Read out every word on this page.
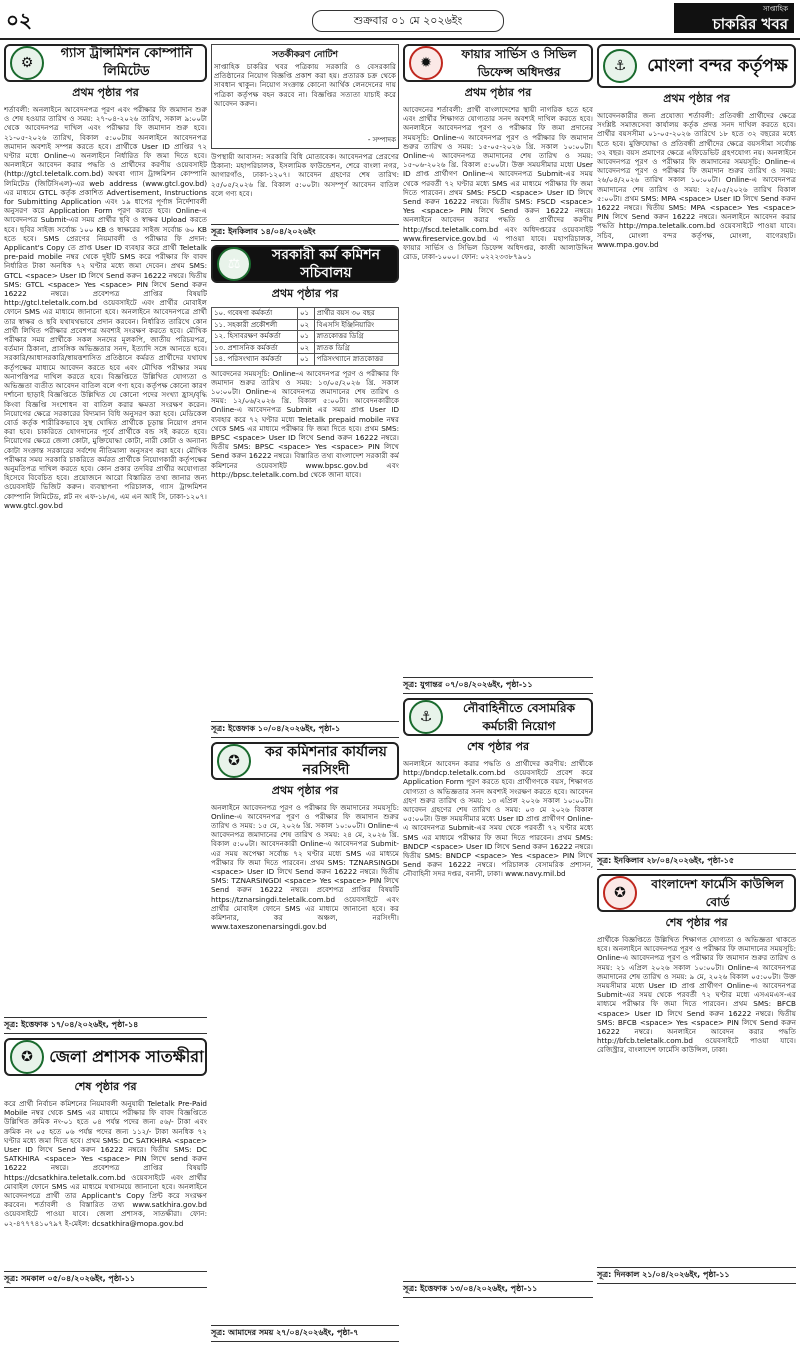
০২	শুক্রবার ০১ মে ২০২৬ইং
সাপ্তাহিক
চাকরির খবর
⚙
গ্যাস ট্রান্সমিশন কোম্পানি লিমিটেড
প্রথম পৃষ্ঠার পর
শর্তাবলী: অনলাইনে আবেদনপত্র পূরণ এবং পরীক্ষার ফি জমাদান শুরু ও শেষ হওয়ার তারিখ ও সময়: ২৭-০৪-২০২৬ তারিখ, সকাল ৯:০০টা থেকে আবেদনপত্র দাখিল এবং পরীক্ষার ফি জমাদান শুরু হবে। ২১-০৫-২০২৬ তারিখ, বিকাল ৫:০০টায় অনলাইনে আবেদনপত্র জমাদান অবশ্যই সম্পন্ন করতে হবে। প্রার্থীকে User ID প্রাপ্তির ৭২ ঘণ্টার মধ্যে Online-এ অনলাইনে নির্ধারিত ফি জমা দিতে হবে। অনলাইনে আবেদন করার পদ্ধতি ও প্রার্থীদের করণীয় ওয়েবসাইট (http://gtcl.teletalk.com.bd) অথবা গ্যাস ট্রান্সমিশন কোম্পানি লিমিটেড (জিটিসিএল)-এর web address (www.gtcl.gov.bd) এর মাধ্যমে GTCL কর্তৃক প্রকাশিত Advertisement, Instructions for Submitting Application এবং ১৯ ধাপের পূর্ণাঙ্গ নির্দেশাবলী অনুসরণ করে Application Form পূরণ করতে হবে। Online-এ আবেদনপত্র Submit-এর সময় প্রার্থীর ছবি ও স্বাক্ষর Upload করতে হবে। ছবির সাইজ সর্বোচ্চ ১০০ KB ও স্বাক্ষরের সাইজ সর্বোচ্চ ৬০ KB হতে হবে। SMS প্রেরণের নিয়মাবলী ও পরীক্ষার ফি প্রদান: Applicant's Copy তে প্রাপ্ত User ID ব্যবহার করে প্রার্থী Teletalk pre-paid mobile নম্বর থেকে দুইটি SMS করে পরীক্ষার ফি বাবদ নির্ধারিত টাকা অনধিক ৭২ ঘণ্টার মধ্যে জমা দেবেন। প্রথম SMS: GTCL <space> User ID লিখে Send করুন 16222 নম্বরে। দ্বিতীয় SMS: GTCL <space> Yes <space> PIN লিখে Send করুন 16222 নম্বরে। প্রবেশপত্র প্রাপ্তির বিষয়টি http://gtcl.teletalk.com.bd ওয়েবসাইটে এবং প্রার্থীর মোবাইল ফোনে SMS এর মাধ্যমে জানানো হবে। অনলাইনে আবেদনপত্রে প্রার্থী তার স্বাক্ষর ও ছবি যথাযথভাবে প্রদান করবেন। নির্ধারিত তারিখে কোন প্রার্থী লিখিত পরীক্ষার প্রবেশপত্র অবশ্যই সংরক্ষণ করতে হবে। মৌখিক পরীক্ষার সময় প্রার্থীকে সকল সনদের মূলকপি, জাতীয় পরিচয়পত্র, বর্তমান ঠিকানা, প্রাসঙ্গিক অভিজ্ঞতার সনদ, ইত্যাদি সঙ্গে আনতে হবে। সরকারি/আধাসরকারি/স্বায়ত্তশাসিত প্রতিষ্ঠানে কর্মরত প্রার্থীদের যথাযথ কর্তৃপক্ষের মাধ্যমে আবেদন করতে হবে এবং মৌখিক পরীক্ষার সময় অনাপত্তিপত্র দাখিল করতে হবে। বিজ্ঞপ্তিতে উল্লিখিত যোগ্যতা ও অভিজ্ঞতা ব্যতীত আবেদন বাতিল বলে গণ্য হবে। কর্তৃপক্ষ কোনো কারণ দর্শানো ছাড়াই বিজ্ঞপ্তিতে উল্লিখিত যে কোনো পদের সংখ্যা হ্রাস/বৃদ্ধি কিংবা বিজ্ঞপ্তি সংশোধন বা বাতিল করার ক্ষমতা সংরক্ষণ করেন। নিয়োগের ক্ষেত্রে সরকারের বিদ্যমান বিধি অনুসরণ করা হবে। মেডিকেল বোর্ড কর্তৃক শারীরিকভাবে সুস্থ ঘোষিত প্রার্থীকে চূড়ান্ত নিয়োগ প্রদান করা হবে। চাকরিতে যোগদানের পূর্বে প্রার্থীকে বন্ড সই করতে হবে। নিয়োগের ক্ষেত্রে জেলা কোটা, মুক্তিযোদ্ধা কোটা, নারী কোটা ও অন্যান্য কোটা সংক্রান্ত সরকারের সর্বশেষ নীতিমালা অনুসরণ করা হবে। মৌখিক পরীক্ষার সময় সরকারি চাকরিতে কর্মরত প্রার্থীকে নিয়োগকারী কর্তৃপক্ষের অনুমতিপত্র দাখিল করতে হবে। কোন প্রকার তদবির প্রার্থীর অযোগ্যতা হিসেবে বিবেচিত হবে। প্রয়োজনে আরো বিস্তারিত তথ্য জানার জন্য ওয়েবসাইট ভিজিট করুন। ব্যবস্থাপনা পরিচালক, গ্যাস ট্রান্সমিশন কোম্পানি লিমিটেড, প্লট নং এফ-১৮/এ, এম এন আই সি, ঢাকা-১২০৭। www.gtcl.gov.bd
সূত্র: ইত্তেফাক ১৭/০৪/২০২৬ইং, পৃষ্ঠা-১৪
✪	জেলা প্রশাসক সাতক্ষীরা
শেষ পৃষ্ঠার পর
করে প্রার্থী নির্বাচন কমিশনের নিয়মাবলী অনুযায়ী Teletalk Pre-Paid Mobile নম্বর থেকে SMS এর মাধ্যমে পরীক্ষার ফি বাবদ বিজ্ঞপ্তিতে উল্লিখিত ক্রমিক নং-০১ হতে ০৪ পর্যন্ত পদের জন্য ৫৬/- টাকা এবং ক্রমিক নং ০৫ হতে ০৬ পর্যন্ত পদের জন্য ১১২/- টাকা অনধিক ৭২ ঘণ্টার মধ্যে জমা দিতে হবে। প্রথম SMS: DC SATKHIRA <space> User ID লিখে Send করুন 16222 নম্বরে। দ্বিতীয় SMS: DC SATKHIRA <space> Yes <space> PIN লিখে send করুন 16222 নম্বরে। প্রবেশপত্র প্রাপ্তির বিষয়টি https://dcsatkhira.teletalk.com.bd ওয়েবসাইটে এবং প্রার্থীর মোবাইল ফোনে SMS এর মাধ্যমে যথাসময়ে জানানো হবে। অনলাইনে আবেদনপত্রে প্রার্থী তার Applicant's Copy প্রিন্ট করে সংরক্ষণ করবেন। শর্তাবলী ও বিস্তারিত তথ্য www.satkhira.gov.bd ওয়েবসাইটে পাওয়া যাবে। জেলা প্রশাসক, সাতক্ষীরা। ফোন: ০২-৪৭৭৭৪১০৭৯৭ ই-মেইল: dcsatkhira@mopa.gov.bd
সূত্র: সমকাল ০৫/০৪/২০২৬ইং, পৃষ্ঠা-১১
সতর্কীকরণ নোটিশ
সাপ্তাহিক চাকরির খবর পত্রিকায় সরকারি ও বেসরকারি প্রতিষ্ঠানের নিয়োগ বিজ্ঞপ্তি প্রকাশ করা হয়। প্রতারক চক্র থেকে সাবধান থাকুন। নিয়োগ সংক্রান্ত কোনো আর্থিক লেনদেনের দায় পত্রিকা কর্তৃপক্ষ বহন করবে না। বিজ্ঞপ্তির সত্যতা যাচাই করে আবেদন করুন।
- সম্পাদক
উপস্থায়ী আবাসন: সরকারি বিধি মোতাবেক। আবেদনপত্র প্রেরণের ঠিকানা: মহাপরিচালক, ইসলামিক ফাউন্ডেশন, শেরে বাংলা নগর, আগারগাঁও, ঢাকা-১২০৭। আবেদন গ্রহণের শেষ তারিখ: ২৫/০৫/২০২৬ খ্রি. বিকাল ৫:০০টা। অসম্পূর্ণ আবেদন বাতিল বলে গণ্য হবে।
সূত্র: ইনকিলাব ১৪/০৪/২০২৬ইং
⚖
সরকারী কর্ম কমিশন সচিবালয়
প্রথম পৃষ্ঠার পর
১০. গবেষণা কর্মকর্তা	০১	প্রার্থীর বয়স ৩০ বছর
১১. সহকারী প্রকৌশলী	০২	বিএসসি ইঞ্জিনিয়ারিং
১২. হিসাবরক্ষণ কর্মকর্তা	০১	স্নাতকোত্তর ডিগ্রি
১৩. প্রশাসনিক কর্মকর্তা	০২	স্নাতক ডিগ্রি
১৪. পরিসংখ্যান কর্মকর্তা	০১	পরিসংখ্যানে স্নাতকোত্তর
আবেদনের সময়সূচি: Online-এ আবেদনপত্র পূরণ ও পরীক্ষার ফি জমাদান শুরুর তারিখ ও সময়: ১৩/০৫/২০২৬ খ্রি. সকাল ১০:০০টা। Online-এ আবেদনপত্র জমাদানের শেষ তারিখ ও সময়: ১২/০৬/২০২৬ খ্রি. বিকাল ৫:০০টা। আবেদনকারীকে Online-এ আবেদনপত্র Submit এর সময় প্রাপ্ত User ID ব্যবহার করে ৭২ ঘণ্টার মধ্যে Teletalk prepaid mobile নম্বর থেকে SMS এর মাধ্যমে পরীক্ষার ফি জমা দিতে হবে। প্রথম SMS: BPSC <space> User ID লিখে Send করুন 16222 নম্বরে। দ্বিতীয় SMS: BPSC <space> Yes <space> PIN লিখে Send করুন 16222 নম্বরে। বিস্তারিত তথ্য বাংলাদেশ সরকারী কর্ম কমিশনের ওয়েবসাইট www.bpsc.gov.bd এবং http://bpsc.teletalk.com.bd থেকে জানা যাবে।
সূত্র: ইত্তেফাক ১০/০৪/২০২৬ইং, পৃষ্ঠা-১
✪
কর কমিশনার কার্যালয় নরসিংদী
প্রথম পৃষ্ঠার পর
অনলাইনে আবেদনপত্র পূরণ ও পরীক্ষার ফি জমাদানের সময়সূচি: Online-এ আবেদনপত্র পূরণ ও পরীক্ষার ফি জমাদান শুরুর তারিখ ও সময়: ১৫ মে, ২০২৬ খ্রি. সকাল ১০:০০টা। Online-এ আবেদনপত্র জমাদানের শেষ তারিখ ও সময়: ২৪ মে, ২০২৬ খ্রি. বিকাল ৫:০০টা। আবেদনকারী Online-এ আবেদনপত্র Submit-এর সময় অপেক্ষা সর্বোচ্চ ৭২ ঘণ্টার মধ্যে SMS এর মাধ্যমে পরীক্ষার ফি জমা দিতে পারবেন। প্রথম SMS: TZNARSINGDI <space> User ID লিখে Send করুন 16222 নম্বরে। দ্বিতীয় SMS: TZNARSINGDI <space> Yes <space> PIN লিখে Send করুন 16222 নম্বরে। প্রবেশপত্র প্রাপ্তির বিষয়টি https://tznarsingdi.teletalk.com.bd ওয়েবসাইটে এবং প্রার্থীর মোবাইল ফোনে SMS এর মাধ্যমে জানানো হবে। কর কমিশনার, কর অঞ্চল, নরসিংদী। www.taxeszonenarsingdi.gov.bd
সূত্র: আমাদের সময় ২৭/০৪/২০২৬ইং, পৃষ্ঠা-৭
✹
ফায়ার সার্ভিস ও সিভিল ডিফেন্স অধিদপ্তর
প্রথম পৃষ্ঠার পর
আবেদনের শর্তাবলী: প্রার্থী বাংলাদেশের স্থায়ী নাগরিক হতে হবে এবং প্রার্থীর শিক্ষাগত যোগ্যতার সনদ অবশ্যই দাখিল করতে হবে। অনলাইনে আবেদনপত্র পূরণ ও পরীক্ষার ফি জমা প্রদানের সময়সূচি: Online-এ আবেদনপত্র পূরণ ও পরীক্ষার ফি জমাদান শুরুর তারিখ ও সময়: ১৫-০৫-২০২৬ খ্রি. সকাল ১০:০০টা। Online-এ আবেদনপত্র জমাদানের শেষ তারিখ ও সময়: ১৫-০৬-২০২৬ খ্রি. বিকাল ৫:০০টা। উক্ত সময়সীমার মধ্যে User ID প্রাপ্ত প্রার্থীগণ Online-এ আবেদনপত্র Submit-এর সময় থেকে পরবর্তী ৭২ ঘণ্টার মধ্যে SMS এর মাধ্যমে পরীক্ষার ফি জমা দিতে পারবেন। প্রথম SMS: FSCD <space> User ID লিখে Send করুন 16222 নম্বরে। দ্বিতীয় SMS: FSCD <space> Yes <space> PIN লিখে Send করুন 16222 নম্বরে। অনলাইনে আবেদন করার পদ্ধতি ও প্রার্থীদের করণীয় http://fscd.teletalk.com.bd এবং অধিদপ্তরের ওয়েবসাইট www.fireservice.gov.bd এ পাওয়া যাবে। মহাপরিচালক, ফায়ার সার্ভিস ও সিভিল ডিফেন্স অধিদপ্তর, কাজী আলাউদ্দিন রোড, ঢাকা-১০০০। ফোন: ০২২২৩৩৮৭৯০১
সূত্র: যুগান্তর ০৭/০৪/২০২৬ইং, পৃষ্ঠা-১১
⚓
নৌবাহিনীতে বেসামরিক কর্মচারী নিয়োগ
শেষ পৃষ্ঠার পর
অনলাইনে আবেদন করার পদ্ধতি ও প্রার্থীদের করণীয়: প্রার্থীকে http://bndcp.teletalk.com.bd ওয়েবসাইটে প্রবেশ করে Application Form পূরণ করতে হবে। প্রার্থীগণকে বয়স, শিক্ষাগত যোগ্যতা ও অভিজ্ঞতার সনদ অবশ্যই সংরক্ষণ করতে হবে। আবেদন গ্রহণ শুরুর তারিখ ও সময়: ১৩ এপ্রিল ২০২৬ সকাল ১০:০০টা। আবেদন গ্রহণের শেষ তারিখ ও সময়: ০৩ মে ২০২৬ বিকাল ০৫:০০টা। উক্ত সময়সীমার মধ্যে User ID প্রাপ্ত প্রার্থীগণ Online-এ আবেদনপত্র Submit-এর সময় থেকে পরবর্তী ৭২ ঘণ্টার মধ্যে SMS এর মাধ্যমে পরীক্ষার ফি জমা দিতে পারবেন। প্রথম SMS: BNDCP <space> User ID লিখে Send করুন 16222 নম্বরে। দ্বিতীয় SMS: BNDCP <space> Yes <space> PIN লিখে Send করুন 16222 নম্বরে। পরিচালক বেসামরিক প্রশাসন, নৌবাহিনী সদর দপ্তর, বনানী, ঢাকা। www.navy.mil.bd
সূত্র: ইত্তেফাক ১৩/০৪/২০২৬ইং, পৃষ্ঠা-১১
⚓	মোংলা বন্দর কর্তৃপক্ষ
প্রথম পৃষ্ঠার পর
আবেদনকারীর জন্য প্রযোজ্য শর্তাবলী: প্রতিবন্ধী প্রার্থীদের ক্ষেত্রে সংশ্লিষ্ট সমাজসেবা কার্যালয় কর্তৃক প্রদত্ত সনদ দাখিল করতে হবে। প্রার্থীর বয়সসীমা ০১-০৫-২০২৬ তারিখে ১৮ হতে ৩২ বছরের মধ্যে হতে হবে। মুক্তিযোদ্ধা ও প্রতিবন্ধী প্রার্থীদের ক্ষেত্রে বয়সসীমা সর্বোচ্চ ৩২ বছর। বয়স প্রমাণের ক্ষেত্রে এফিডেভিট গ্রহণযোগ্য নয়। অনলাইনে আবেদনপত্র পূরণ ও পরীক্ষার ফি জমাদানের সময়সূচি: Online-এ আবেদনপত্র পূরণ ও পরীক্ষার ফি জমাদান শুরুর তারিখ ও সময়: ২৬/০৪/২০২৬ তারিখ সকাল ১০:০০টা। Online-এ আবেদনপত্র জমাদানের শেষ তারিখ ও সময়: ২৫/০৫/২০২৬ তারিখ বিকাল ৫:০০টা। প্রথম SMS: MPA <space> User ID লিখে Send করুন 16222 নম্বরে। দ্বিতীয় SMS: MPA <space> Yes <space> PIN লিখে Send করুন 16222 নম্বরে। অনলাইনে আবেদন করার পদ্ধতি http://mpa.teletalk.com.bd ওয়েবসাইটে পাওয়া যাবে। সচিব, মোংলা বন্দর কর্তৃপক্ষ, মোংলা, বাগেরহাট। www.mpa.gov.bd
সূত্র: ইনকিলাব ২৮/০৪/২০২৬ইং, পৃষ্ঠা-১৫
✪
বাংলাদেশ ফার্মেসি কাউন্সিল বোর্ড
শেষ পৃষ্ঠার পর
প্রার্থীকে বিজ্ঞপ্তিতে উল্লিখিত শিক্ষাগত যোগ্যতা ও অভিজ্ঞতা থাকতে হবে। অনলাইনে আবেদনপত্র পূরণ ও পরীক্ষার ফি জমাদানের সময়সূচি: Online-এ আবেদনপত্র পূরণ ও পরীক্ষার ফি জমাদান শুরুর তারিখ ও সময়: ২১ এপ্রিল ২০২৬ সকাল ১০:০০টা। Online-এ আবেদনপত্র জমাদানের শেষ তারিখ ও সময়: ৯ মে, ২০২৬ বিকাল ০৫:০০টা। উক্ত সময়সীমার মধ্যে User ID প্রাপ্ত প্রার্থীগণ Online-এ আবেদনপত্র Submit-এর সময় থেকে পরবর্তী ৭২ ঘণ্টার মধ্যে এসএমএস-এর মাধ্যমে পরীক্ষার ফি জমা দিতে পারবেন। প্রথম SMS: BFCB <space> User ID লিখে Send করুন 16222 নম্বরে। দ্বিতীয় SMS: BFCB <space> Yes <space> PIN লিখে Send করুন 16222 নম্বরে। অনলাইনে আবেদন করার পদ্ধতি http://bfcb.teletalk.com.bd ওয়েবসাইটে পাওয়া যাবে। রেজিস্ট্রার, বাংলাদেশ ফার্মেসি কাউন্সিল, ঢাকা।
সূত্র: দিনকাল ২১/০৪/২০২৬ইং, পৃষ্ঠা-১১
